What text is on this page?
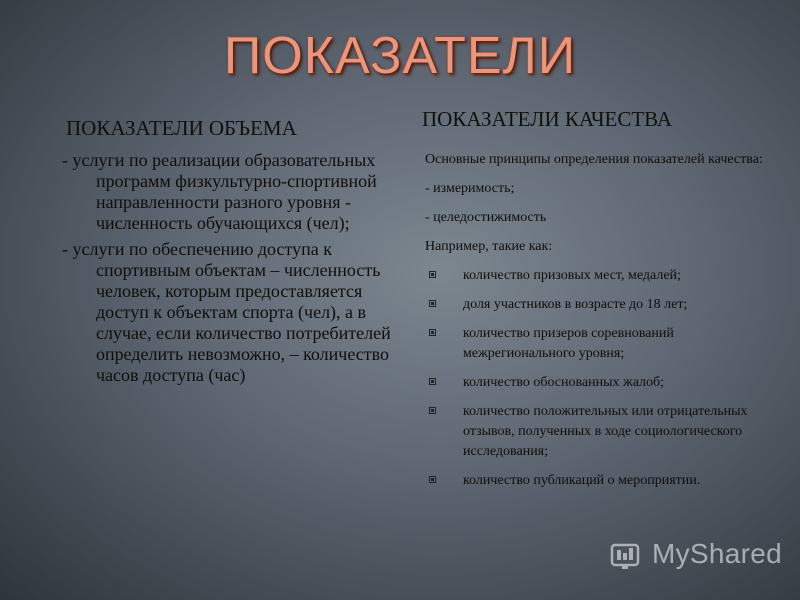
ПОКАЗАТЕЛИ
ПОКАЗАТЕЛИ ОБЪЕМА	ПОКАЗАТЕЛИ КАЧЕСТВА

- услуги по реализации образовательных программ физкультурно-спортивной направленности разного уровня - численность обучающихся (чел);

- услуги по обеспечению доступа к спортивным объектам – численность человек, которым предоставляется доступ к объектам спорта (чел), а в случае, если количество потребителей определить невозможно, – количество часов доступа (час)

Основные принципы определения показателей качества:

- измеримость;

- целедостижимость

Например, такие как:

количество призовых мест, медалей;
доля участников в возрасте до 18 лет;
количество призеров соревнований межрегионального уровня;
количество обоснованных жалоб;
количество положительных или отрицательных отзывов, полученных в ходе социологического исследования;
количество публикаций о мероприятии.
MyShared
